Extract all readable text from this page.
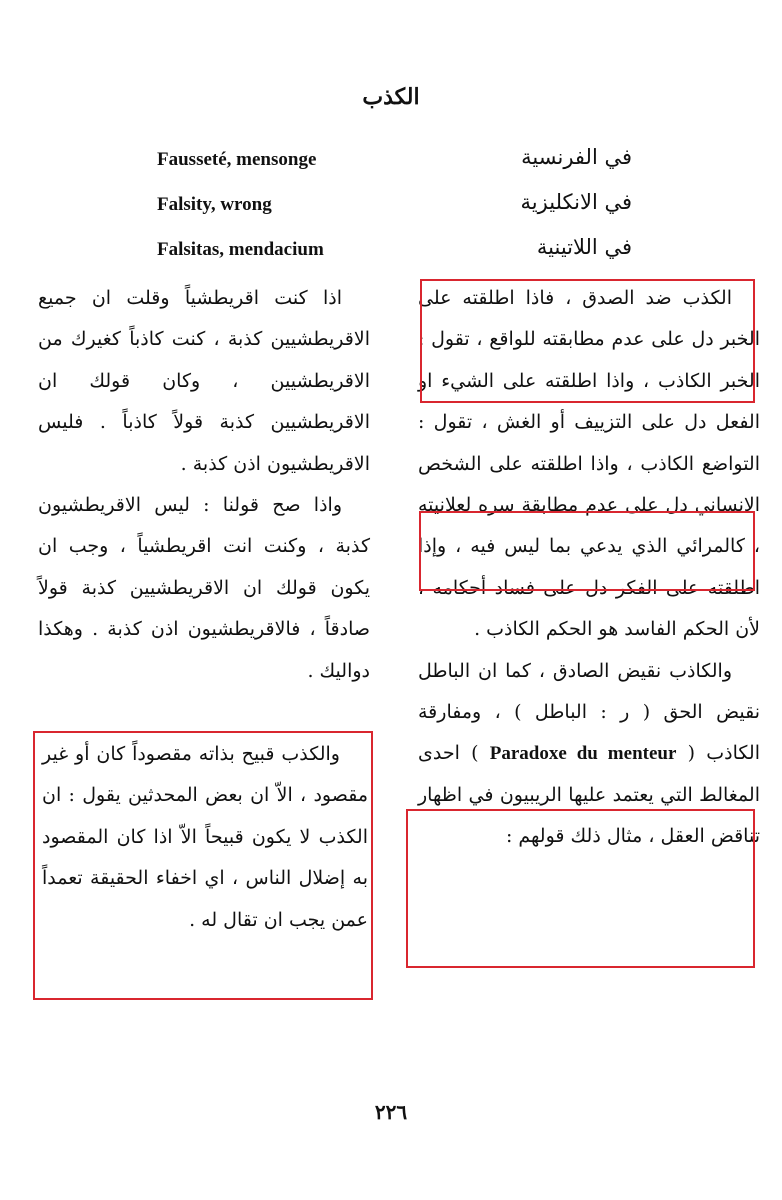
الكذب
Fausseté, mensonge	في الفرنسية
Falsity, wrong	في الانكليزية
Falsitas, mendacium	في اللاتينية

الكذب ضد الصدق ، فاذا اطلقته على الخبر دل على عدم مطابقته للواقع ، تقول : الخبر الكاذب ، واذا اطلقته على الشيء او الفعل دل على التزييف أو الغش ، تقول : التواضع الكاذب ، واذا اطلقته على الشخص الانساني دل على عدم مطابقة سره لعلانيته ، كالمرائي الذي يدعي بما ليس فيه ، وإذا اطلقته على الفكر دل على فساد أحكامه ، لأن الحكم الفاسد هو الحكم الكاذب .

والكاذب نقيض الصادق ، كما ان الباطل نقيض الحق ( ر : الباطل ) ، ومفارقة الكاذب ( Paradoxe du menteur ) احدى المغالط التي يعتمد عليها الريبيون في اظهار تناقض العقل ، مثال ذلك قولهم :

اذا كنت اقريطشياً وقلت ان جميع الاقريطشيين كذبة ، كنت كاذباً كغيرك من الاقريطشيين ، وكان قولك ان الاقريطشيين كذبة قولاً كاذباً . فليس الاقريطشيون اذن كذبة .

واذا صح قولنا : ليس الاقريطشيون كذبة ، وكنت انت اقريطشياً ، وجب ان يكون قولك ان الاقريطشيين كذبة قولاً صادقاً ، فالاقريطشيون اذن كذبة . وهكذا دواليك .

والكذب قبيح بذاته مقصوداً كان أو غير مقصود ، الاّ ان بعض المحدثين يقول : ان الكذب لا يكون قبيحاً الاّ اذا كان المقصود به إضلال الناس ، اي اخفاء الحقيقة تعمداً عمن يجب ان تقال له .

٢٢٦
